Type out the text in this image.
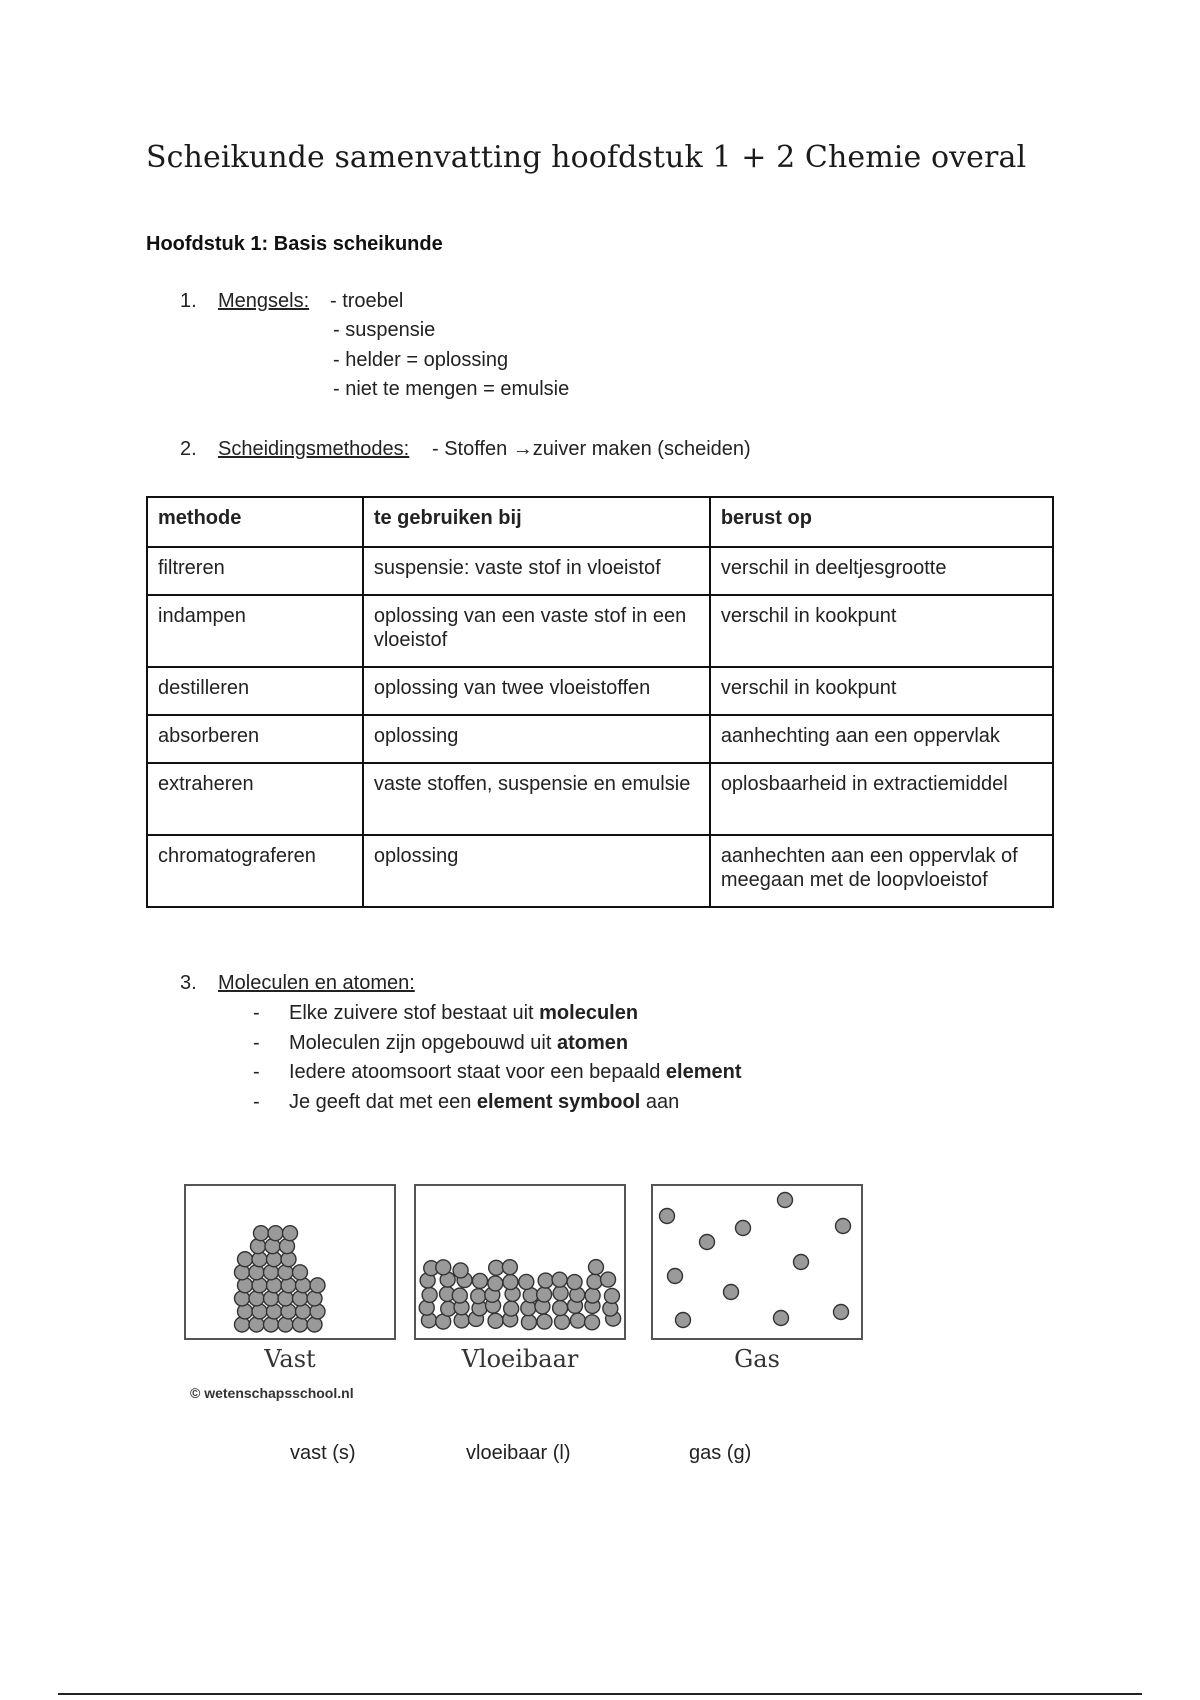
Scheikunde samenvatting hoofdstuk 1 + 2 Chemie overal
Hoofdstuk 1: Basis scheikunde
1. Mengsels: - troebel
- suspensie
- helder = oplossing
- niet te mengen = emulsie
2. Scheidingsmethodes: - Stoffen →zuiver maken (scheiden)
methode	te gebruiken bij	berust op
filtreren	suspensie: vaste stof in vloeistof	verschil in deeltjesgrootte
indampen	oplossing van een vaste stof in een vloeistof	verschil in kookpunt
destilleren	oplossing van twee vloeistoffen	verschil in kookpunt
absorberen	oplossing	aanhechting aan een oppervlak
extraheren	vaste stoffen, suspensie en emulsie	oplosbaarheid in extractiemiddel
chromatograferen	oplossing	aanhechten aan een oppervlak of meegaan met de loopvloeistof
3. Moleculen en atomen:
- Elke zuivere stof bestaat uit moleculen
- Moleculen zijn opgebouwd uit atomen
- Iedere atoomsoort staat voor een bepaald element
- Je geeft dat met een element symbool aan
Vast	Vloeibaar	Gas
© wetenschapsschool.nl
vast (s)	vloeibaar (l)	gas (g)
